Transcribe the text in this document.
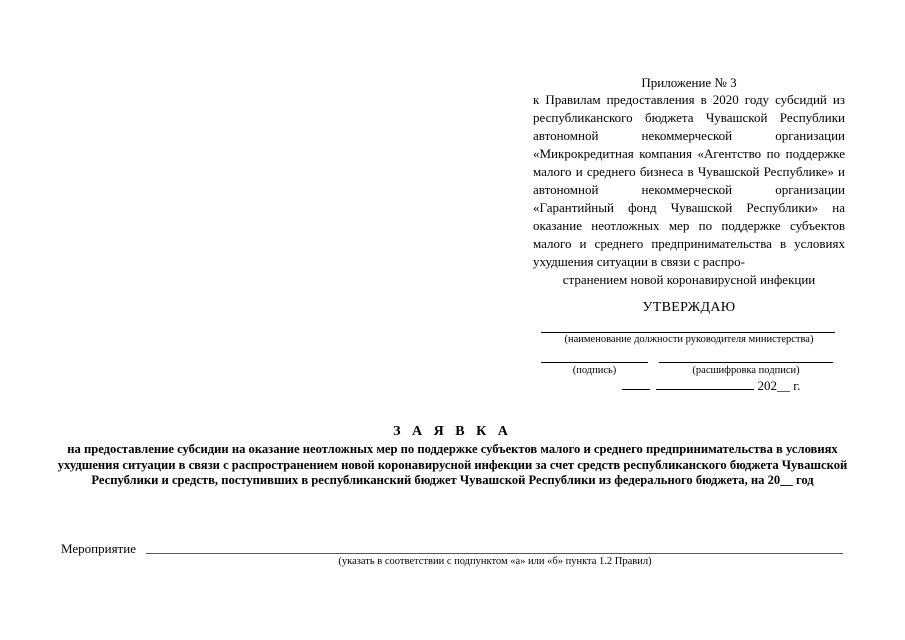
Приложение № 3
к Правилам предоставления в 2020 году субсидий из республиканского бюджета Чувашской Республики автономной некоммерческой организации «Микрокредитная компания «Агентство по поддержке малого и среднего бизнеса в Чувашской Республике» и автономной некоммерческой организации «Гарантийный фонд Чувашской Республики» на оказание неотложных мер по поддержке субъектов малого и среднего предпринимательства в условиях ухудшения ситуации в связи с распро-
странением новой коронавирусной инфекции
УТВЕРЖДАЮ
(наименование должности руководителя министерства)
(подпись)	(расшифровка подписи)
202__ г.
З А Я В К А
на предоставление субсидии на оказание неотложных мер по поддержке субъектов малого и среднего предпринимательства в условиях ухудшения ситуации в связи с распространением новой коронавирусной инфекции за счет средств республиканского бюджета Чувашской Республики и средств, поступивших в республиканский бюджет Чувашской Республики из федерального бюджета, на 20__ год
Мероприятие
(указать в соответствии с подпунктом «а» или «б» пункта 1.2 Правил)
